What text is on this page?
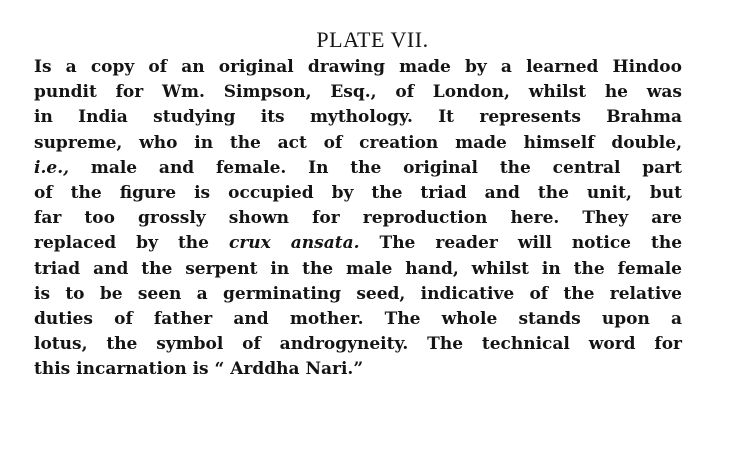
PLATE VII.
Is a copy of an original drawing made by a learned Hindoo
pundit for Wm. Simpson, Esq., of London, whilst he was
in India studying its mythology. It represents Brahma
supreme, who in the act of creation made himself double,
i.e., male and female. In the original the central part
of the figure is occupied by the triad and the unit, but
far too grossly shown for reproduction here. They are
replaced by the crux ansata. The reader will notice the
triad and the serpent in the male hand, whilst in the female
is to be seen a germinating seed, indicative of the relative
duties of father and mother. The whole stands upon a
lotus, the symbol of androgyneity. The technical word for
this incarnation is “ Arddha Nari.”
